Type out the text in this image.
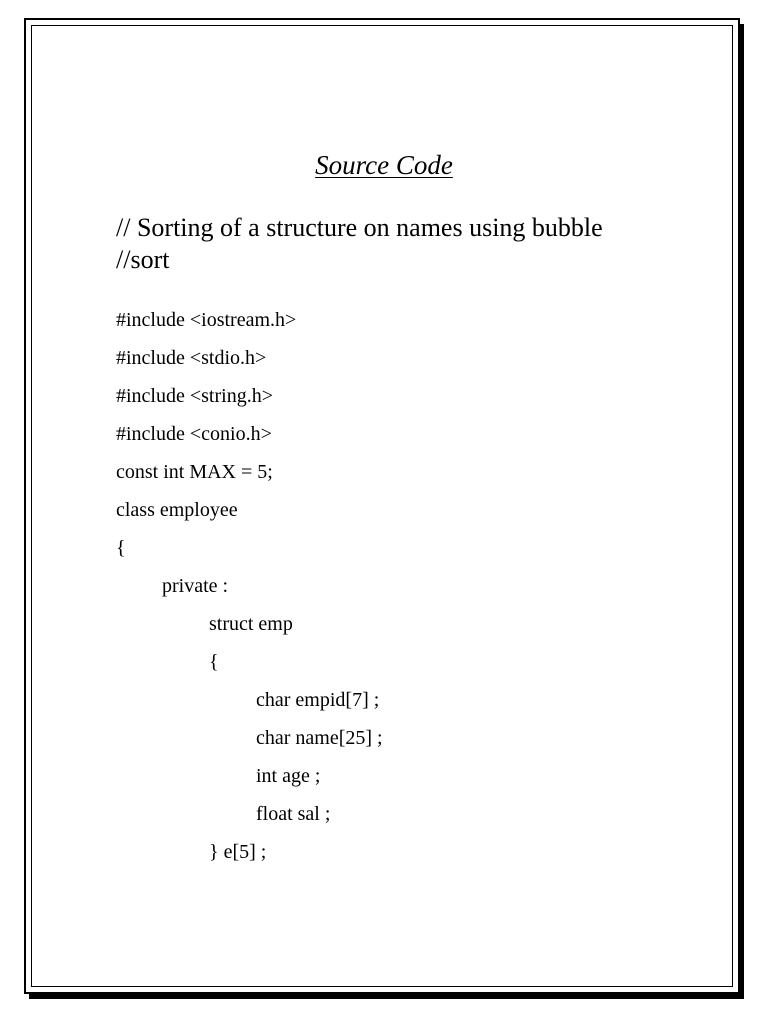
Source Code
// Sorting of a structure on names using bubble
//sort
#include <iostream.h>
#include <stdio.h>
#include <string.h>
#include <conio.h>
const int MAX = 5;
class employee
{
private :
struct emp
{
char empid[7] ;
char name[25] ;
int age ;
float sal ;
} e[5] ;
